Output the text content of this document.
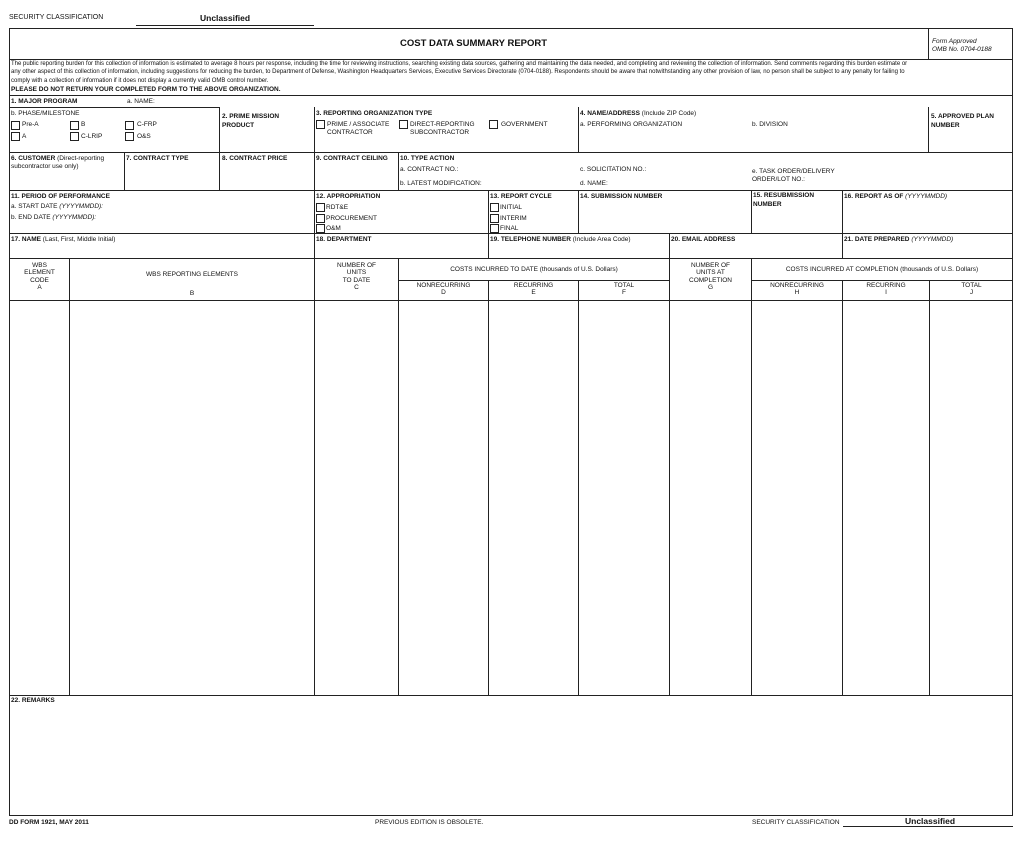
SECURITY CLASSIFICATION	Unclassified
COST DATA SUMMARY REPORT	Form Approved
OMB No. 0704-0188
The public reporting burden for this collection of information is estimated to average 8 hours per response, including the time for reviewing instructions, searching existing data sources, gathering and maintaining the data needed, and completing and reviewing the collection of information. Send comments regarding this burden estimate or
any other aspect of this collection of information, including suggestions for reducing the burden, to Department of Defense, Washington Headquarters Services, Executive Services Directorate (0704-0188). Respondents should be aware that notwithstanding any other provision of law, no person shall be subject to any penalty for failing to
comply with a collection of information if it does not display a currently valid OMB control number.
PLEASE DO NOT RETURN YOUR COMPLETED FORM TO THE ABOVE ORGANIZATION.
1. MAJOR PROGRAM	a. NAME:
b. PHASE/MILESTONE
Pre-A
A
B
C-LRIP
C-FRP
O&S
2. PRIME MISSION
PRODUCT
3. REPORTING ORGANIZATION TYPE
PRIME / ASSOCIATE
CONTRACTOR
DIRECT-REPORTING
SUBCONTRACTOR
GOVERNMENT
4. NAME/ADDRESS (Include ZIP Code)
a. PERFORMING ORGANIZATION	b. DIVISION
5. APPROVED PLAN
NUMBER
6. CUSTOMER (Direct-reporting
subcontractor use only)
7. CONTRACT TYPE	8. CONTRACT PRICE	9. CONTRACT CEILING 10. TYPE ACTION
a. CONTRACT NO.:
b. LATEST MODIFICATION:
c. SOLICITATION NO.:
d. NAME:
e. TASK ORDER/DELIVERY
ORDER/LOT NO.:
11. PERIOD OF PERFORMANCE
a. START DATE (YYYYMMDD):
b. END DATE (YYYYMMDD):
12. APPROPRIATION
RDT&E
PROCUREMENT
O&M
13. REPORT CYCLE
INITIAL
INTERIM
FINAL
14. SUBMISSION NUMBER	15. RESUBMISSION
NUMBER
16. REPORT AS OF (YYYYMMDD)
17. NAME (Last, First, Middle Initial)	18. DEPARTMENT	19. TELEPHONE NUMBER (Include Area Code)	20. EMAIL ADDRESS	21. DATE PREPARED (YYYYMMDD)
WBS
ELEMENT
CODE
A
WBS REPORTING ELEMENTS
B
NUMBER OF
UNITS
TO DATE
C
COSTS INCURRED TO DATE (thousands of U.S. Dollars)
NONRECURRING
D
RECURRING
E
TOTAL
F
NUMBER OF
UNITS AT
COMPLETION
G
COSTS INCURRED AT COMPLETION (thousands of U.S. Dollars)
NONRECURRING
H
RECURRING
I
TOTAL
J
22. REMARKS
DD FORM 1921, MAY 2011	PREVIOUS EDITION IS OBSOLETE.	SECURITY CLASSIFICATION	Unclassified
